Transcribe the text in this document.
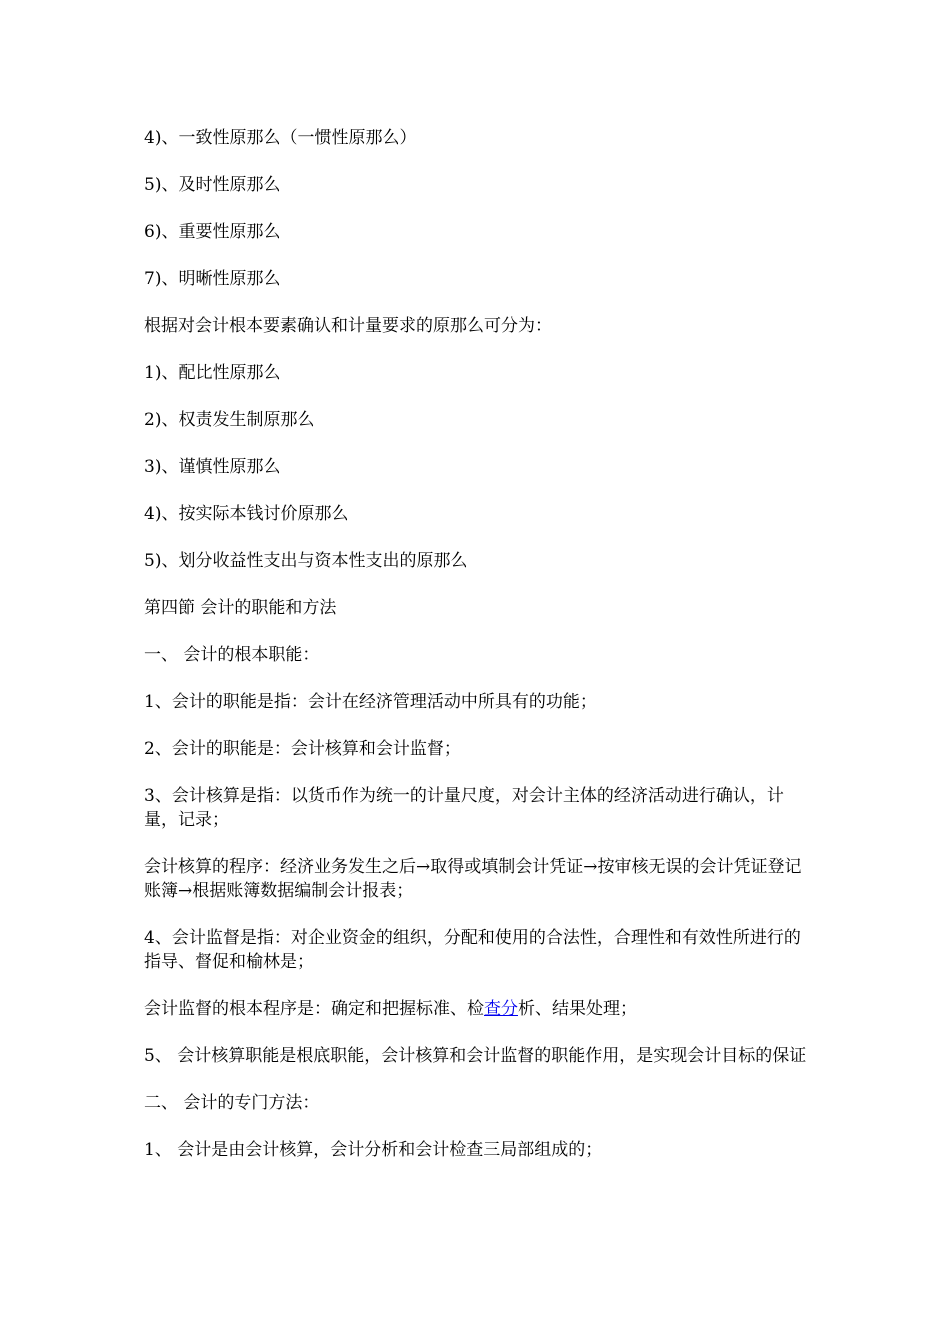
4)、一致性原那么（一惯性原那么）

5)、及时性原那么

6)、重要性原那么

7)、明晰性原那么

根据对会计根本要素确认和计量要求的原那么可分为：

1)、配比性原那么

2)、权责发生制原那么

3)、谨慎性原那么

4)、按实际本钱讨价原那么

5)、划分收益性支出与资本性支出的原那么

第四節 会计的职能和方法

一、 会计的根本职能：

1、会计的职能是指：会计在经济管理活动中所具有的功能；

2、会计的职能是：会计核算和会计监督；

3、会计核算是指：以货币作为统一的计量尺度，对会计主体的经济活动进行确认，计量，记录；

会计核算的程序：经济业务发生之后→取得或填制会计凭证→按审核无误的会计凭证登记账簿→根据账簿数据编制会计报表；

4、会计监督是指：对企业资金的组织，分配和使用的合法性，合理性和有效性所进行的指导、督促和榆林是；

会计监督的根本程序是：确定和把握标准、检查分析、结果处理；

5、 会计核算职能是根底职能，会计核算和会计监督的职能作用，是实现会计目标的保证

二、 会计的专门方法：

1、 会计是由会计核算，会计分析和会计检查三局部组成的；
